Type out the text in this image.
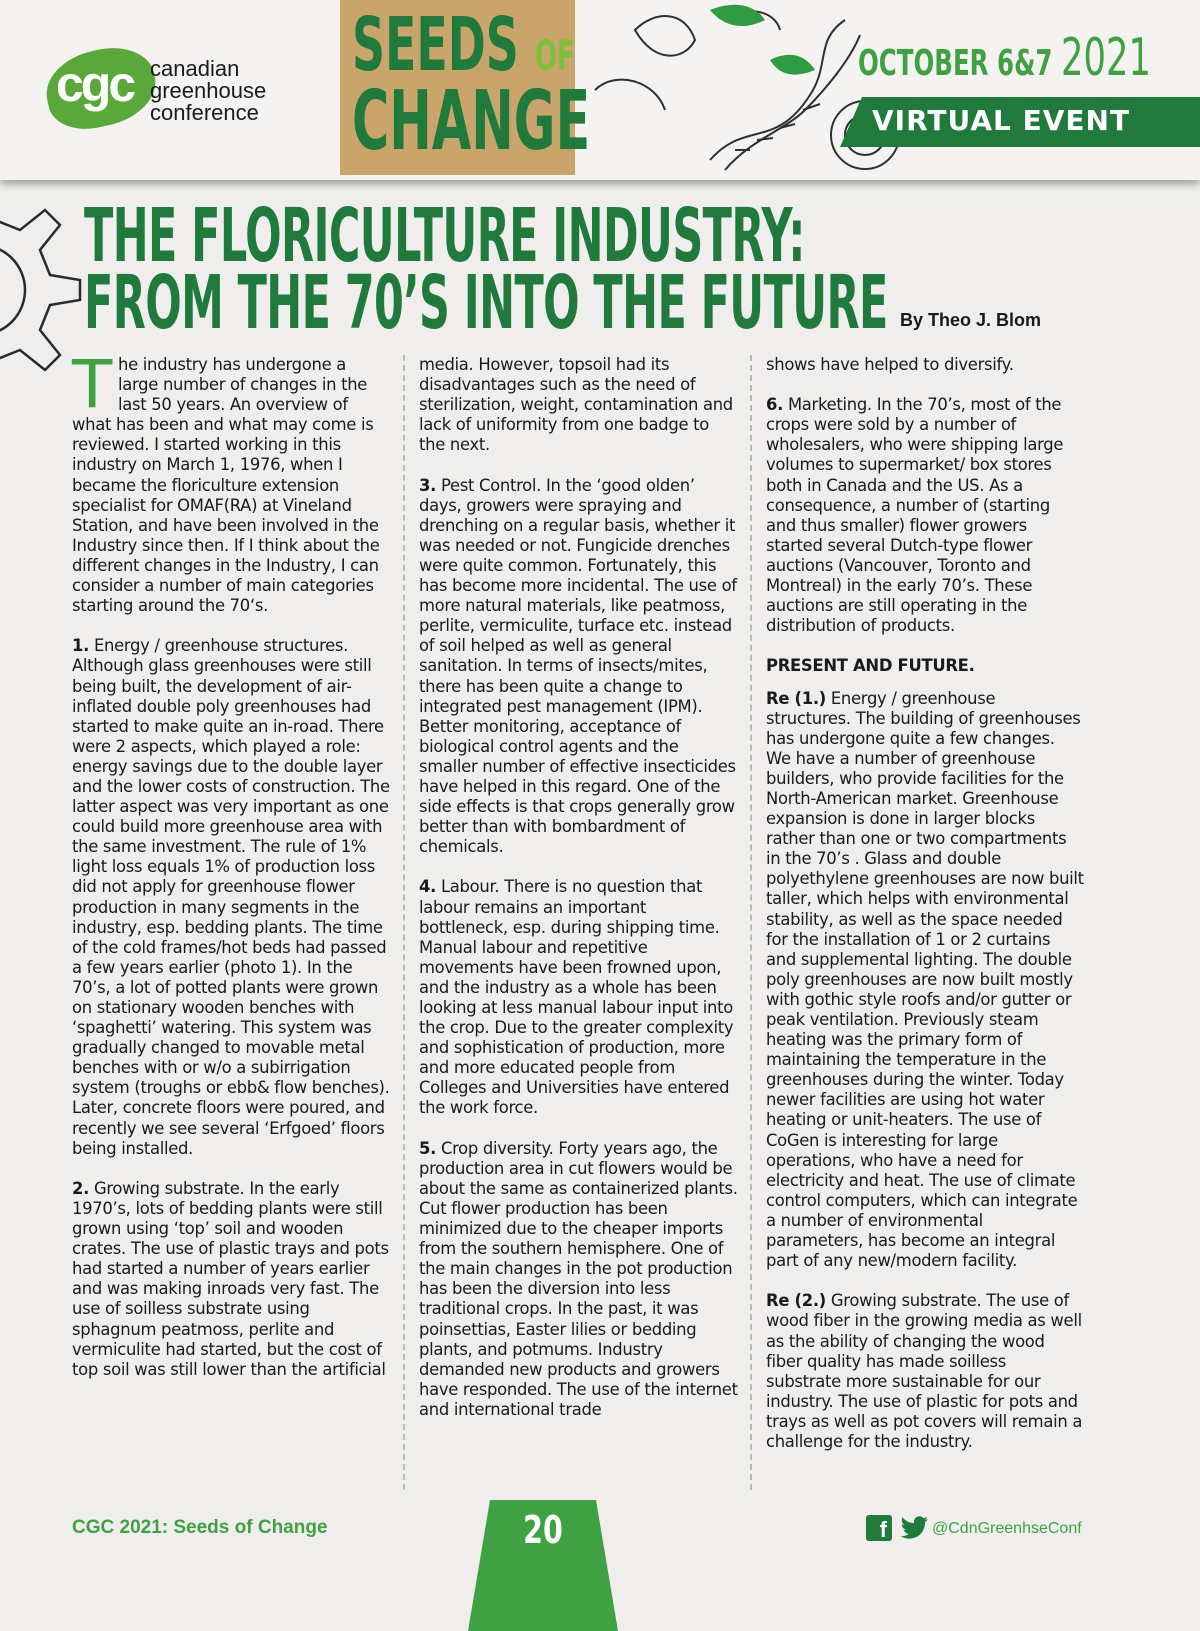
cgc canadian
greenhouse
conference
SEEDS OF
CHANGE
OCTOBER 6&7 2021
VIRTUAL EVENT
THE FLORICULTURE INDUSTRY:
FROM THE 70’S INTO THE FUTURE By Theo J. Blom

The industry has undergone a large number of changes in the last 50 years. An overview of what has been and what may come is reviewed. I started working in this industry on March 1, 1976, when I became the floriculture extension specialist for OMAF(RA) at Vineland Station, and have been involved in the Industry since then. If I think about the different changes in the Industry, I can consider a number of main categories starting around the 70‘s.

1. Energy / greenhouse structures. Although glass greenhouses were still being built, the development of air-inflated double poly greenhouses had started to make quite an in-road. There were 2 aspects, which played a role: energy savings due to the double layer and the lower costs of construction. The latter aspect was very important as one could build more greenhouse area with the same investment. The rule of 1% light loss equals 1% of production loss did not apply for greenhouse flower production in many segments in the industry, esp. bedding plants. The time of the cold frames/hot beds had passed a few years earlier (photo 1). In the 70’s, a lot of potted plants were grown on stationary wooden benches with ‘spaghetti’ watering. This system was gradually changed to movable metal benches with or w/o a subirrigation system (troughs or ebb& flow benches). Later, concrete floors were poured, and recently we see several ‘Erfgoed’ floors being installed.

2. Growing substrate. In the early 1970’s, lots of bedding plants were still grown using ‘top’ soil and wooden crates. The use of plastic trays and pots had started a number of years earlier and was making inroads very fast. The use of soilless substrate using sphagnum peatmoss, perlite and vermiculite had started, but the cost of top soil was still lower than the artificial

media. However, topsoil had its disadvantages such as the need of sterilization, weight, contamination and lack of uniformity from one badge to the next.

3. Pest Control. In the ‘good olden’ days, growers were spraying and drenching on a regular basis, whether it was needed or not. Fungicide drenches were quite common. Fortunately, this has become more incidental. The use of more natural materials, like peatmoss, perlite, vermiculite, turface etc. instead of soil helped as well as general sanitation. In terms of insects/mites, there has been quite a change to integrated pest management (IPM). Better monitoring, acceptance of biological control agents and the smaller number of effective insecticides have helped in this regard. One of the side effects is that crops generally grow better than with bombardment of chemicals.

4. Labour. There is no question that labour remains an important bottleneck, esp. during shipping time. Manual labour and repetitive movements have been frowned upon, and the industry as a whole has been looking at less manual labour input into the crop. Due to the greater complexity and sophistication of production, more and more educated people from Colleges and Universities have entered the work force.

5. Crop diversity. Forty years ago, the production area in cut flowers would be about the same as containerized plants. Cut flower production has been minimized due to the cheaper imports from the southern hemisphere. One of the main changes in the pot production has been the diversion into less traditional crops. In the past, it was poinsettias, Easter lilies or bedding plants, and potmums. Industry demanded new products and growers have responded. The use of the internet and international trade

shows have helped to diversify.

6. Marketing. In the 70’s, most of the crops were sold by a number of wholesalers, who were shipping large volumes to supermarket/ box stores both in Canada and the US. As a consequence, a number of (starting and thus smaller) flower growers started several Dutch-type flower auctions (Vancouver, Toronto and Montreal) in the early 70’s. These auctions are still operating in the distribution of products.

PRESENT AND FUTURE.

Re (1.) Energy / greenhouse structures. The building of greenhouses has undergone quite a few changes. We have a number of greenhouse builders, who provide facilities for the North-American market. Greenhouse expansion is done in larger blocks rather than one or two compartments in the 70’s . Glass and double polyethylene greenhouses are now built taller, which helps with environmental stability, as well as the space needed for the installation of 1 or 2 curtains and supplemental lighting. The double poly greenhouses are now built mostly with gothic style roofs and/or gutter or peak ventilation. Previously steam heating was the primary form of maintaining the temperature in the greenhouses during the winter. Today newer facilities are using hot water heating or unit-heaters. The use of CoGen is interesting for large operations, who have a need for electricity and heat. The use of climate control computers, which can integrate a number of environmental parameters, has become an integral part of any new/modern facility.

Re (2.) Growing substrate. The use of wood fiber in the growing media as well as the ability of changing the wood fiber quality has made soilless substrate more sustainable for our industry. The use of plastic for pots and trays as well as pot covers will remain a challenge for the industry.

CGC 2021: Seeds of Change	20	f	@CdnGreenhseConf
